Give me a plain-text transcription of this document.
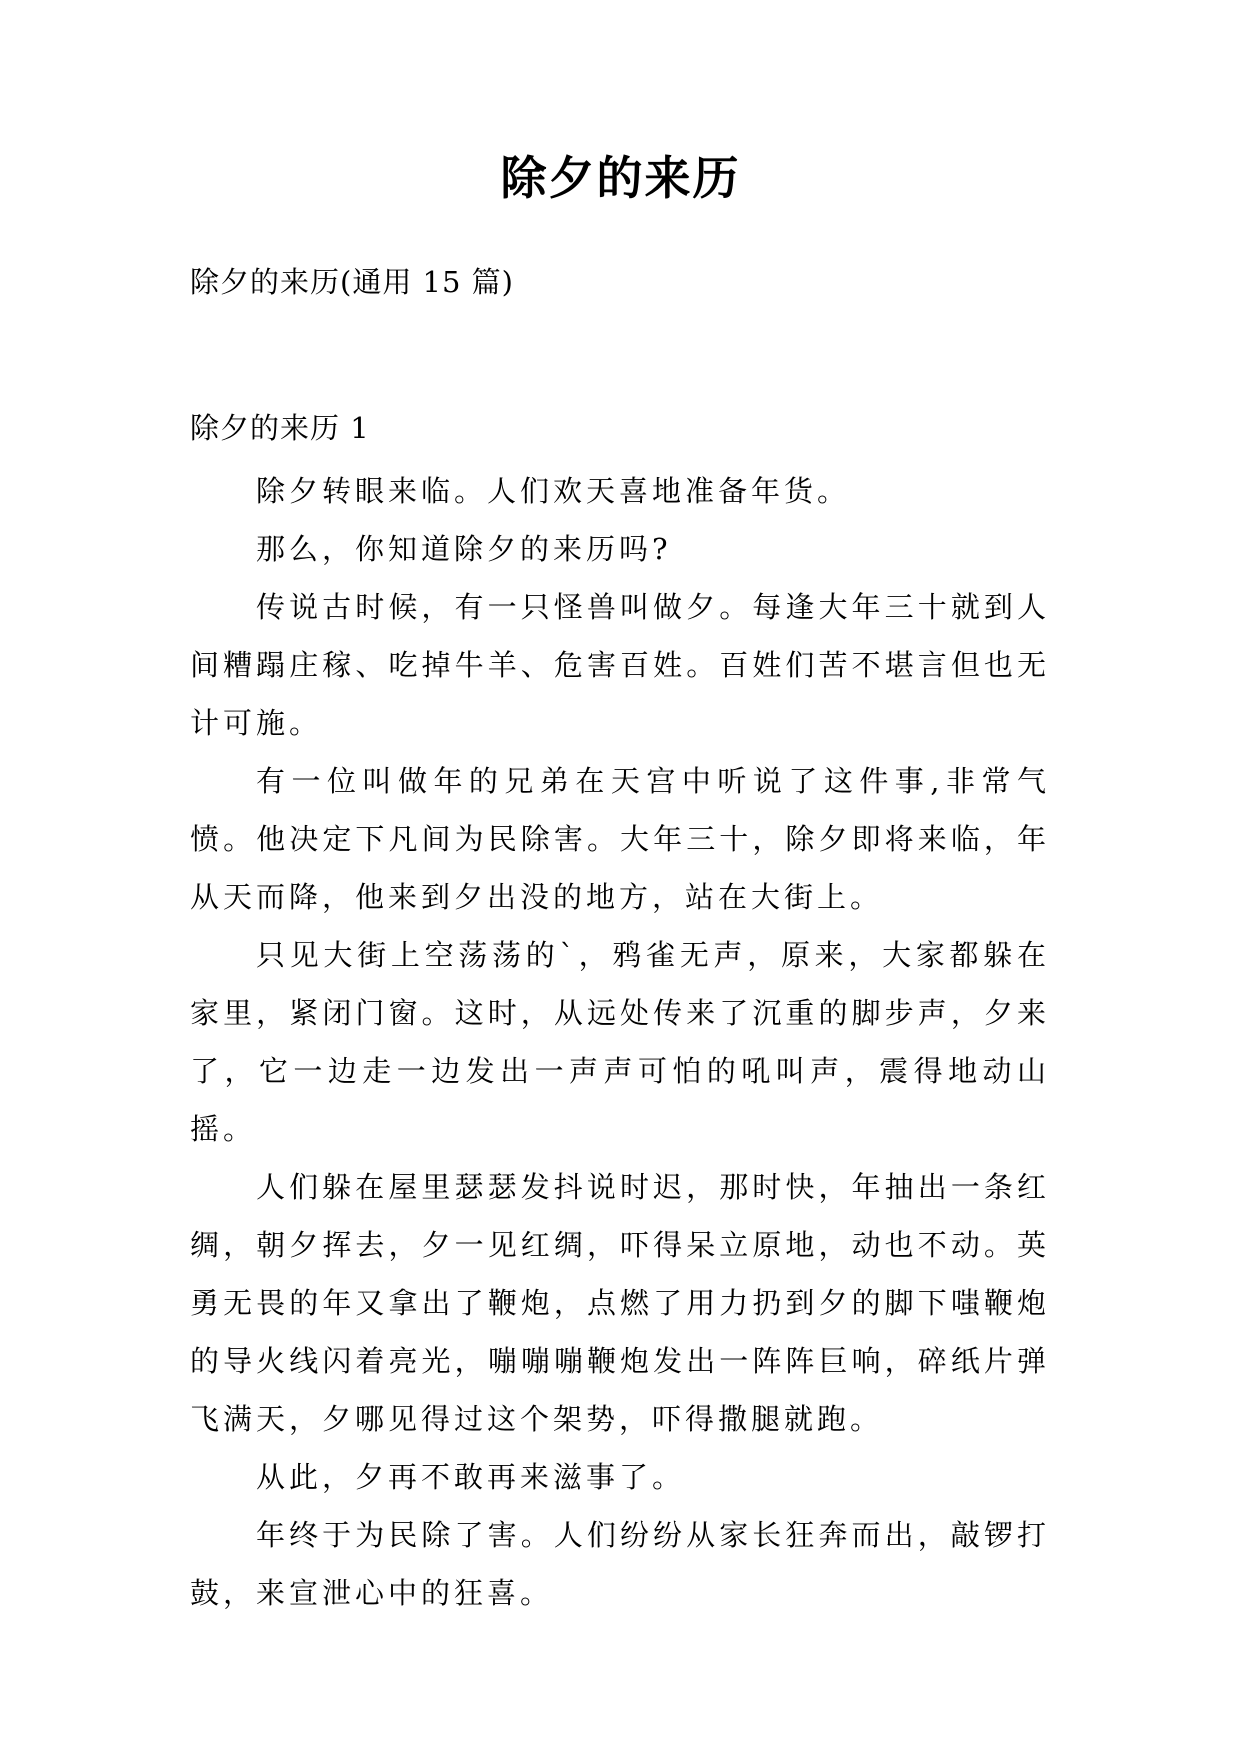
除夕的来历
除夕的来历(通用 15 篇)
除夕的来历 1

除夕转眼来临。人们欢天喜地准备年货。

那么，你知道除夕的来历吗?

传说古时候，有一只怪兽叫做夕。每逢大年三十就到人间糟蹋庄稼、吃掉牛羊、危害百姓。百姓们苦不堪言但也无计可施。

有一位叫做年的兄弟在天宫中听说了这件事,非常气愤。他决定下凡间为民除害。大年三十，除夕即将来临，年从天而降，他来到夕出没的地方，站在大街上。

只见大街上空荡荡的`，鸦雀无声，原来，大家都躲在家里，紧闭门窗。这时，从远处传来了沉重的脚步声，夕来了，它一边走一边发出一声声可怕的吼叫声，震得地动山摇。

人们躲在屋里瑟瑟发抖说时迟，那时快，年抽出一条红绸，朝夕挥去，夕一见红绸，吓得呆立原地，动也不动。英勇无畏的年又拿出了鞭炮，点燃了用力扔到夕的脚下嗤鞭炮的导火线闪着亮光，嘣嘣嘣鞭炮发出一阵阵巨响，碎纸片弹飞满天，夕哪见得过这个架势，吓得撒腿就跑。

从此，夕再不敢再来滋事了。

年终于为民除了害。人们纷纷从家长狂奔而出，敲锣打鼓，来宣泄心中的狂喜。
